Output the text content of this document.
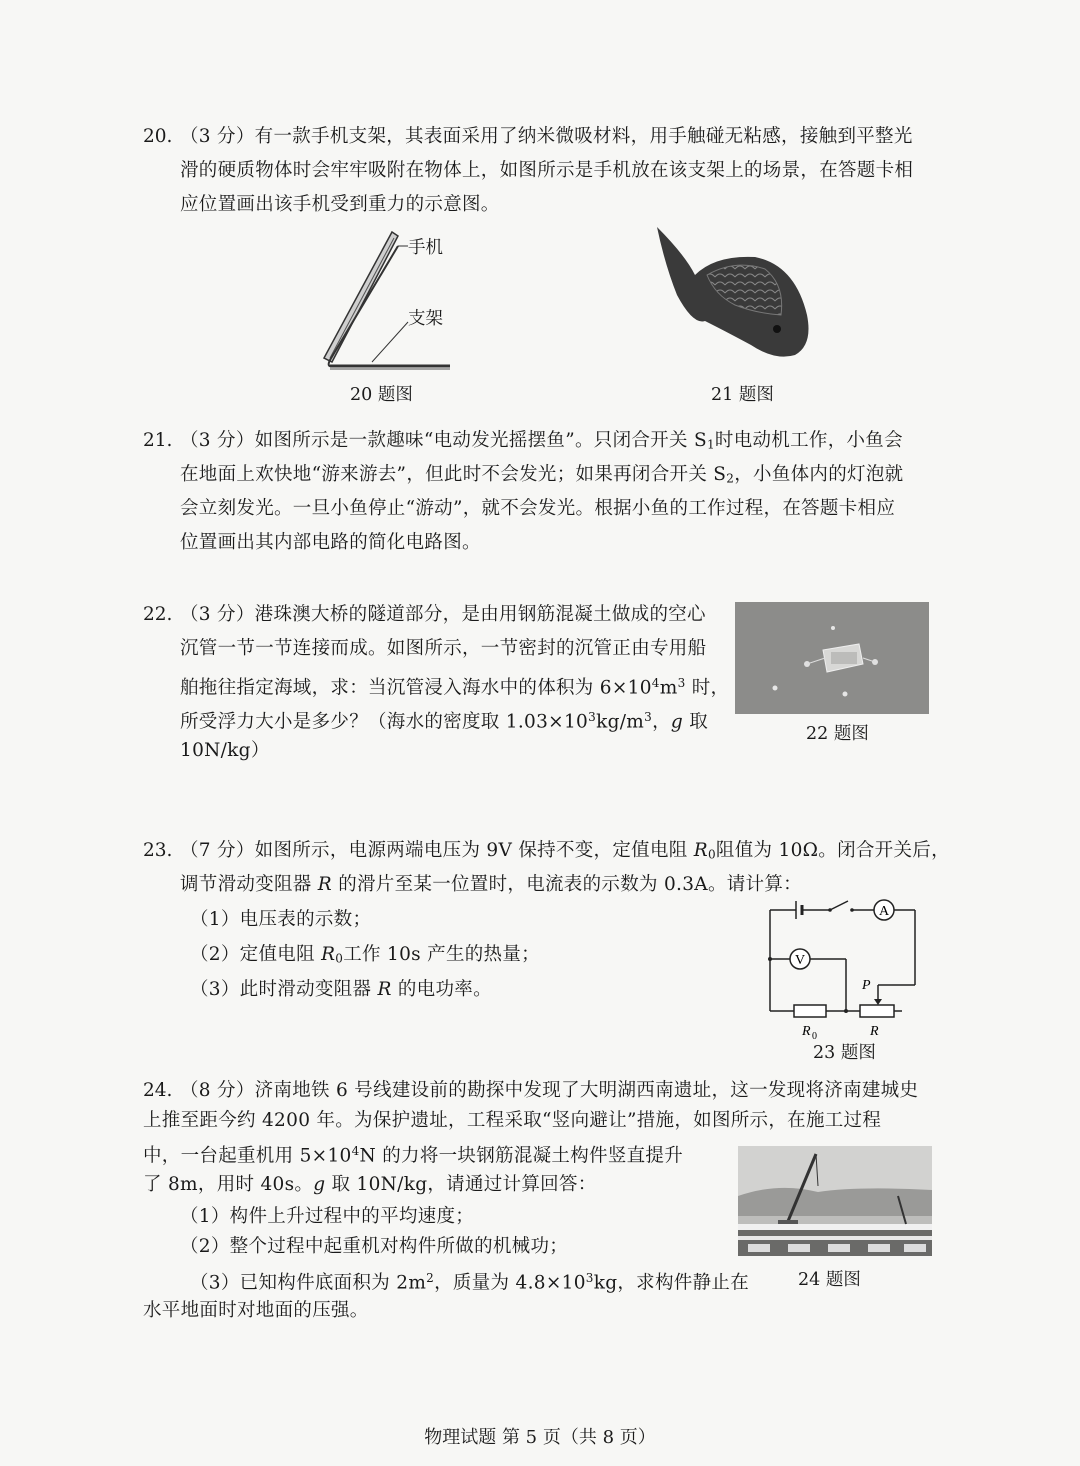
20. （3 分）有一款手机支架，其表面采用了纳米微吸材料，用手触碰无粘感，接触到平整光
滑的硬质物体时会牢牢吸附在物体上，如图所示是手机放在该支架上的场景，在答题卡相
应位置画出该手机受到重力的示意图。
手机
支架
20 题图	21 题图
21. （3 分）如图所示是一款趣味“电动发光摇摆鱼”。只闭合开关 $S_1$时电动机工作，小鱼会
在地面上欢快地“游来游去”，但此时不会发光；如果再闭合开关 $S_2$，小鱼体内的灯泡就
会立刻发光。一旦小鱼停止“游动”，就不会发光。根据小鱼的工作过程，在答题卡相应
位置画出其内部电路的简化电路图。
22. （3 分）港珠澳大桥的隧道部分，是由用钢筋混凝土做成的空心
沉管一节一节连接而成。如图所示，一节密封的沉管正由专用船
舶拖往指定海域，求：当沉管浸入海水中的体积为 $6\times 10^4m^3$ 时，
所受浮力大小是多少？（海水的密度取 $1.03\times 10^3kg/m^3$，g 取
10N/kg）
22 题图
23. （7 分）如图所示，电源两端电压为 9V 保持不变，定值电阻 $R_0$阻值为 10Ω。闭合开关后，
调节滑动变阻器 R 的滑片至某一位置时，电流表的示数为 0.3A。请计算：
（1）电压表的示数；
（2）定值电阻 $R_0$工作 10s 产生的热量；
（3）此时滑动变阻器 R 的电功率。
A
V
P
R 0	R
23 题图
24. （8 分）济南地铁 6 号线建设前的勘探中发现了大明湖西南遗址，这一发现将济南建城史
上推至距今约 4200 年。为保护遗址，工程采取“竖向避让”措施，如图所示，在施工过程
中，一台起重机用 $5\times 10^4N$ 的力将一块钢筋混凝土构件竖直提升
了 8m，用时 40s。g 取 10N/kg，请通过计算回答：
（1）构件上升过程中的平均速度；
（2）整个过程中起重机对构件所做的机械功；
（3）已知构件底面积为 $2m^2$，质量为 $4.8\times 10^3kg$，求构件静止在
水平地面时对地面的压强。
24 题图
物理试题 第 5 页（共 8 页）
